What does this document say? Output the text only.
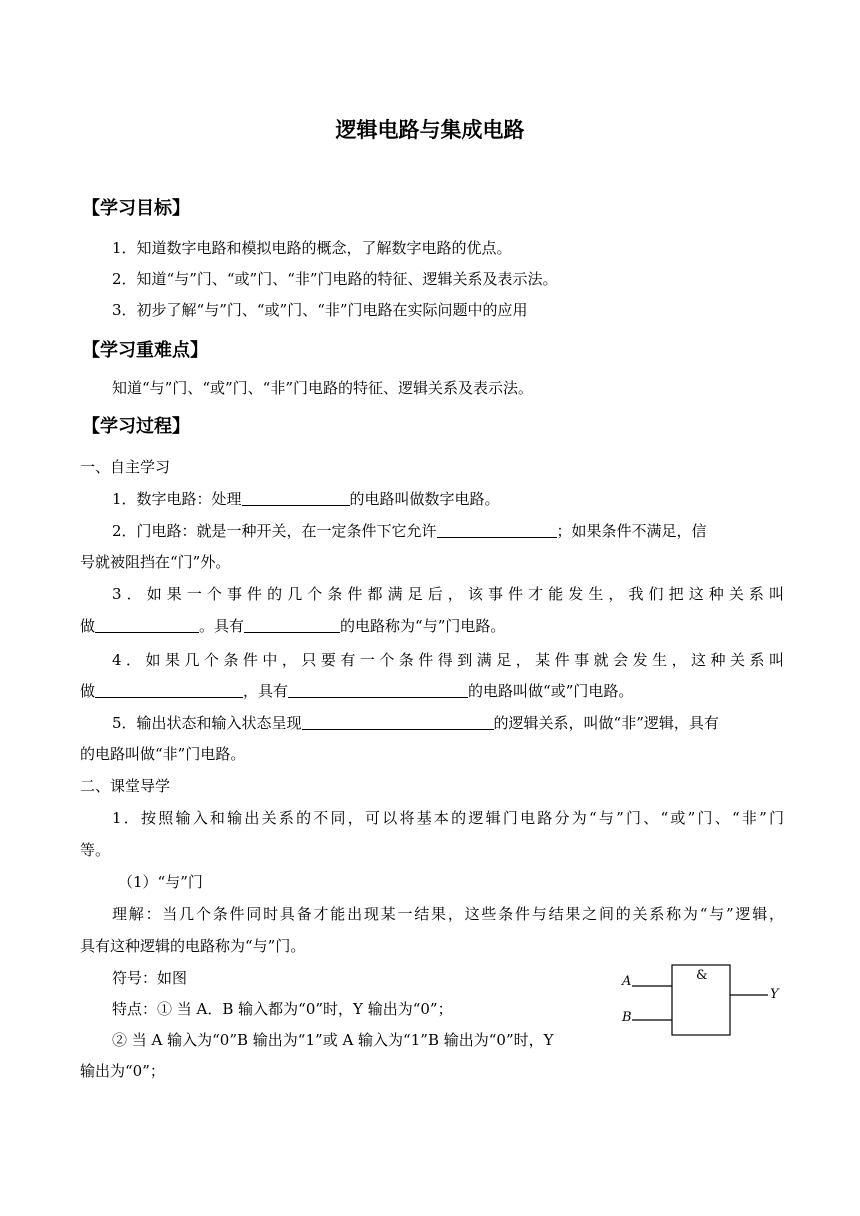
逻辑电路与集成电路
【学习目标】
1．知道数字电路和模拟电路的概念，了解数字电路的优点。
2．知道“与”门、“或”门、“非”门电路的特征、逻辑关系及表示法。
3．初步了解“与”门、“或”门、“非”门电路在实际问题中的应用
【学习重难点】
知道“与”门、“或”门、“非”门电路的特征、逻辑关系及表示法。
【学习过程】
一、自主学习
1．数字电路：处理	的电路叫做数字电路。
2．门电路：就是一种开关，在一定条件下它允许	；如果条件不满足，信
号就被阻挡在“门”外。
3．如果一个事件的几个条件都满足后，该事件才能发生，我们把这种关系叫
做	。具有	的电路称为“与”门电路。
4．如果几个条件中，只要有一个条件得到满足，某件事就会发生，这种关系叫
做	，具有	的电路叫做“或”门电路。
5．输出状态和输入状态呈现	的逻辑关系，叫做“非”逻辑，具有
的电路叫做“非”门电路。
二、课堂导学
1．按照输入和输出关系的不同，可以将基本的逻辑门电路分为“与”门、“或”门、“非”门
等。
（1）“与”门
理解：当几个条件同时具备才能出现某一结果，这些条件与结果之间的关系称为“与”逻辑，
具有这种逻辑的电路称为“与”门。
符号：如图
特点：① 当 A．B 输入都为“0”时，Y 输出为“0”；
② 当 A 输入为“0”B 输出为“1”或 A 输入为“1”B 输出为“0”时，Y
输出为“0”；
&
A
B
Y
